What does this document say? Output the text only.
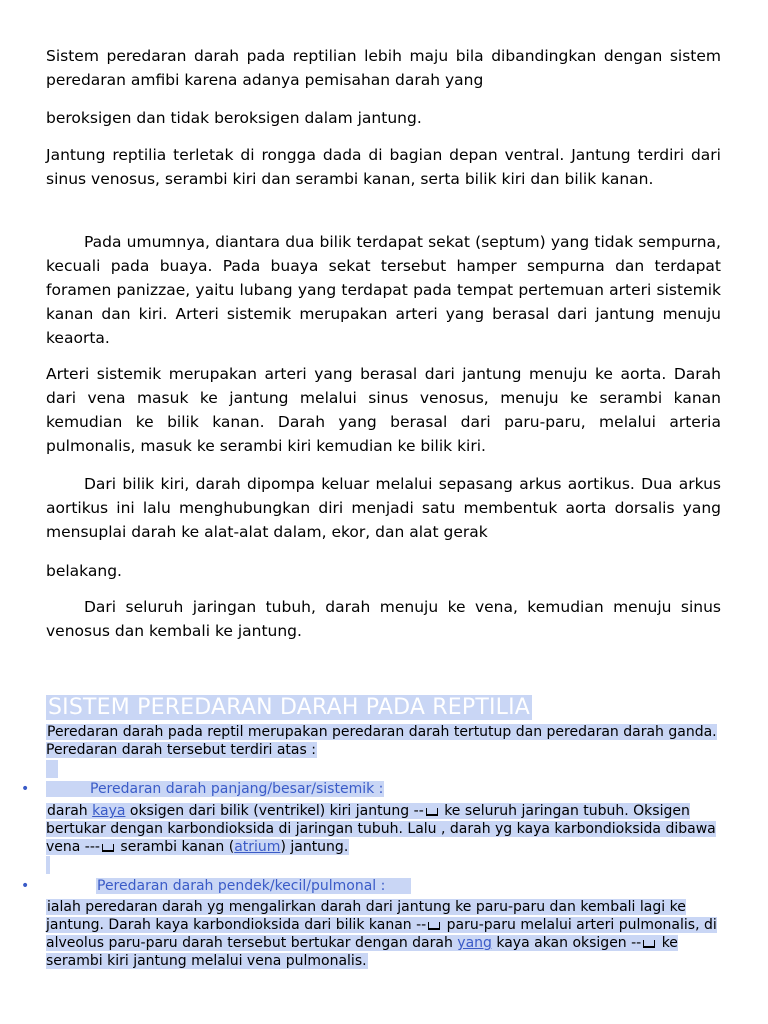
Sistem peredaran darah pada reptilian lebih maju bila dibandingkan dengan sistem peredaran amfibi karena adanya pemisahan darah yang

beroksigen dan tidak beroksigen dalam jantung.

Jantung reptilia terletak di rongga dada di bagian depan ventral. Jantung terdiri dari sinus venosus, serambi kiri dan serambi kanan, serta bilik kiri dan bilik kanan.

Pada umumnya, diantara dua bilik terdapat sekat (septum) yang tidak sempurna, kecuali pada buaya. Pada buaya sekat tersebut hamper sempurna dan terdapat foramen panizzae, yaitu lubang yang terdapat pada tempat pertemuan arteri sistemik kanan dan kiri. Arteri sistemik merupakan arteri yang berasal dari jantung menuju keaorta.

Arteri sistemik merupakan arteri yang berasal dari jantung menuju ke aorta. Darah dari vena masuk ke jantung melalui sinus venosus, menuju ke serambi kanan kemudian ke bilik kanan. Darah yang berasal dari paru-paru, melalui arteria pulmonalis, masuk ke serambi kiri kemudian ke bilik kiri.

Dari bilik kiri, darah dipompa keluar melalui sepasang arkus aortikus. Dua arkus aortikus ini lalu menghubungkan diri menjadi satu membentuk aorta dorsalis yang mensuplai darah ke alat-alat dalam, ekor, dan alat gerak

belakang.

Dari seluruh jaringan tubuh, darah menuju ke vena, kemudian menuju sinus venosus dan kembali ke jantung.

SISTEM PEREDARAN DARAH PADA REPTILIA

Peredaran darah pada reptil merupakan peredaran darah tertutup dan peredaran darah ganda. Peredaran darah tersebut terdiri atas :

•	Peredaran darah panjang/besar/sistemik :

darah kaya oksigen dari bilik (ventrikel) kiri jantung -- ke seluruh jaringan tubuh. Oksigen bertukar dengan karbondioksida di jaringan tubuh. Lalu , darah yg kaya karbondioksida dibawa vena --- serambi kanan (atrium) jantung.

•	Peredaran darah pendek/kecil/pulmonal :

ialah peredaran darah yg mengalirkan darah dari jantung ke paru-paru dan kembali lagi ke jantung. Darah kaya karbondioksida dari bilik kanan -- paru-paru melalui arteri pulmonalis, di alveolus paru-paru darah tersebut bertukar dengan darah yang kaya akan oksigen -- ke serambi kiri jantung melalui vena pulmonalis.
